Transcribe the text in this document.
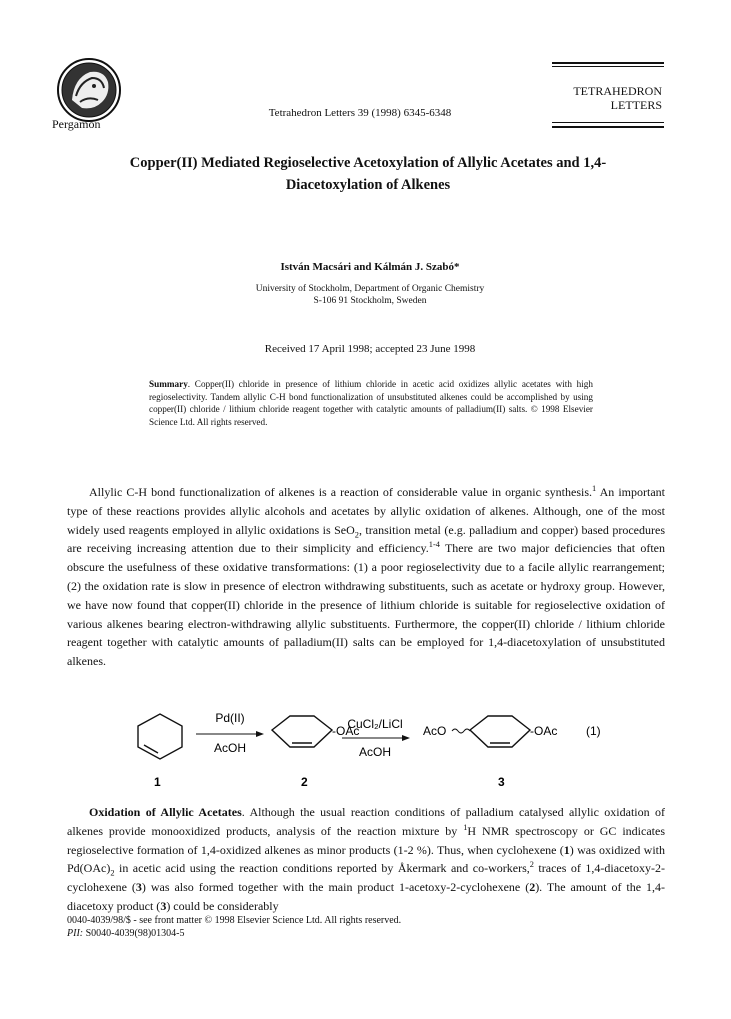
Pergamon
Tetrahedron Letters 39 (1998) 6345-6348
TETRAHEDRON
LETTERS
Copper(II) Mediated Regioselective Acetoxylation of Allylic Acetates and 1,4-
Diacetoxylation of Alkenes
István Macsári and Kálmán J. Szabó*
University of Stockholm, Department of Organic Chemistry
S-106 91 Stockholm, Sweden
Received 17 April 1998; accepted 23 June 1998
Summary. Copper(II) chloride in presence of lithium chloride in acetic acid oxidizes allylic acetates with high regioselectivity. Tandem allylic C-H bond functionalization of unsubstituted alkenes could be accomplished by using copper(II) chloride / lithium chloride reagent together with catalytic amounts of palladium(II) salts. © 1998 Elsevier Science Ltd. All rights reserved.
Allylic C-H bond functionalization of alkenes is a reaction of considerable value in organic synthesis.$^1$ An important type of these reactions provides allylic alcohols and acetates by allylic oxidation of alkenes. Although, one of the most widely used reagents employed in allylic oxidations is SeO$_2$, transition metal (e.g. palladium and copper) based procedures are receiving increasing attention due to their simplicity and efficiency.$^{1-4}$ There are two major deficiencies that often obscure the usefulness of these oxidative transformations: (1) a poor regioselectivity due to a facile allylic rearrangement; (2) the oxidation rate is slow in presence of electron withdrawing substituents, such as acetate or hydroxy group. However, we have now found that copper(II) chloride in the presence of lithium chloride is suitable for regioselective oxidation of various alkenes bearing electron-withdrawing allylic substituents. Furthermore, the copper(II) chloride / lithium chloride reagent together with catalytic amounts of palladium(II) salts can be employed for 1,4-diacetoxylation of unsubstituted alkenes.
Pd(II)
AcOH
-OAc
CuCl₂/LiCl
AcOH
AcO	-OAc (1)
1	2	3
Oxidation of Allylic Acetates. Although the usual reaction conditions of palladium catalysed allylic oxidation of alkenes provide monooxidized products, analysis of the reaction mixture by $^1$H NMR spectroscopy or GC indicates regioselective formation of 1,4-oxidized alkenes as minor products (1-2 %). Thus, when cyclohexene (1) was oxidized with $Pd(OAc)_2$ in acetic acid using the reaction conditions reported by Åkermark and co-workers,$^2$ traces of 1,4-diacetoxy-2-cyclohexene (3) was also formed together with the main product 1-acetoxy-2-cyclohexene (2). The amount of the 1,4-diacetoxy product (3) could be considerably
0040-4039/98/$ - see front matter © 1998 Elsevier Science Ltd. All rights reserved.
PII: S0040-4039(98)01304-5
